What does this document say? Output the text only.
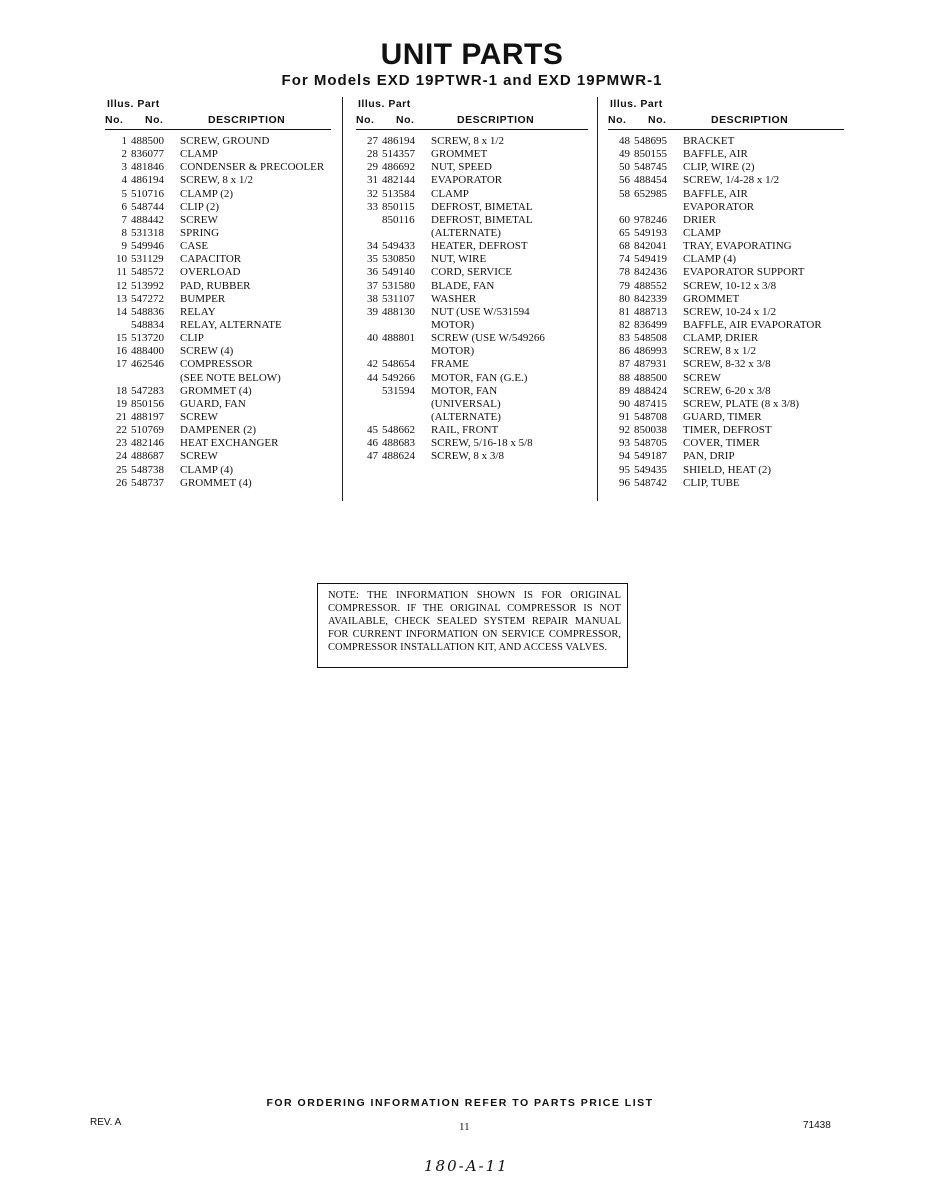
UNIT PARTS
For Models EXD 19PTWR-1 and EXD 19PMWR-1
Illus. Part
No. No.	DESCRIPTION
1 488500 SCREW, GROUND
2 836077 CLAMP
3 481846 CONDENSER & PRECOOLER
4 486194 SCREW, 8 x 1/2
5 510716 CLAMP (2)
6 548744 CLIP (2)
7 488442 SCREW
8 531318 SPRING
9 549946 CASE
10 531129 CAPACITOR
11 548572 OVERLOAD
12 513992 PAD, RUBBER
13 547272 BUMPER
14 548836 RELAY
548834 RELAY, ALTERNATE
15 513720 CLIP
16 488400 SCREW (4)
17 462546 COMPRESSOR
(SEE NOTE BELOW)
18 547283 GROMMET (4)
19 850156 GUARD, FAN
21 488197 SCREW
22 510769 DAMPENER (2)
23 482146 HEAT EXCHANGER
24 488687 SCREW
25 548738 CLAMP (4)
26 548737 GROMMET (4)
Illus. Part
No. No.	DESCRIPTION
27 486194 SCREW, 8 x 1/2
28 514357 GROMMET
29 486692 NUT, SPEED
31 482144 EVAPORATOR
32 513584 CLAMP
33 850115 DEFROST, BIMETAL
850116 DEFROST, BIMETAL
(ALTERNATE)
34 549433 HEATER, DEFROST
35 530850 NUT, WIRE
36 549140 CORD, SERVICE
37 531580 BLADE, FAN
38 531107 WASHER
39 488130 NUT (USE W/531594
MOTOR)
40 488801 SCREW (USE W/549266
MOTOR)
42 548654 FRAME
44 549266 MOTOR, FAN (G.E.)
531594 MOTOR, FAN
(UNIVERSAL)
(ALTERNATE)
45 548662 RAIL, FRONT
46 488683 SCREW, 5/16-18 x 5/8
47 488624 SCREW, 8 x 3/8
Illus. Part
No. No.	DESCRIPTION
48 548695 BRACKET
49 850155 BAFFLE, AIR
50 548745 CLIP, WIRE (2)
56 488454 SCREW, 1/4-28 x 1/2
58 652985 BAFFLE, AIR
EVAPORATOR
60 978246 DRIER
65 549193 CLAMP
68 842041 TRAY, EVAPORATING
74 549419 CLAMP (4)
78 842436 EVAPORATOR SUPPORT
79 488552 SCREW, 10-12 x 3/8
80 842339 GROMMET
81 488713 SCREW, 10-24 x 1/2
82 836499 BAFFLE, AIR EVAPORATOR
83 548508 CLAMP, DRIER
86 486993 SCREW, 8 x 1/2
87 487931 SCREW, 8-32 x 3/8
88 488500 SCREW
89 488424 SCREW, 6-20 x 3/8
90 487415 SCREW, PLATE (8 x 3/8)
91 548708 GUARD, TIMER
92 850038 TIMER, DEFROST
93 548705 COVER, TIMER
94 549187 PAN, DRIP
95 549435 SHIELD, HEAT (2)
96 548742 CLIP, TUBE
NOTE: THE INFORMATION SHOWN IS FOR ORIGINAL COMPRESSOR. IF THE ORIGINAL COMPRESSOR IS NOT AVAILABLE, CHECK SEALED SYSTEM REPAIR MANUAL FOR CURRENT INFORMATION ON SERVICE COMPRESSOR, COMPRESSOR INSTALLATION KIT, AND ACCESS VALVES.
FOR ORDERING INFORMATION REFER TO PARTS PRICE LIST
REV. A	11	71438
180-A-11
